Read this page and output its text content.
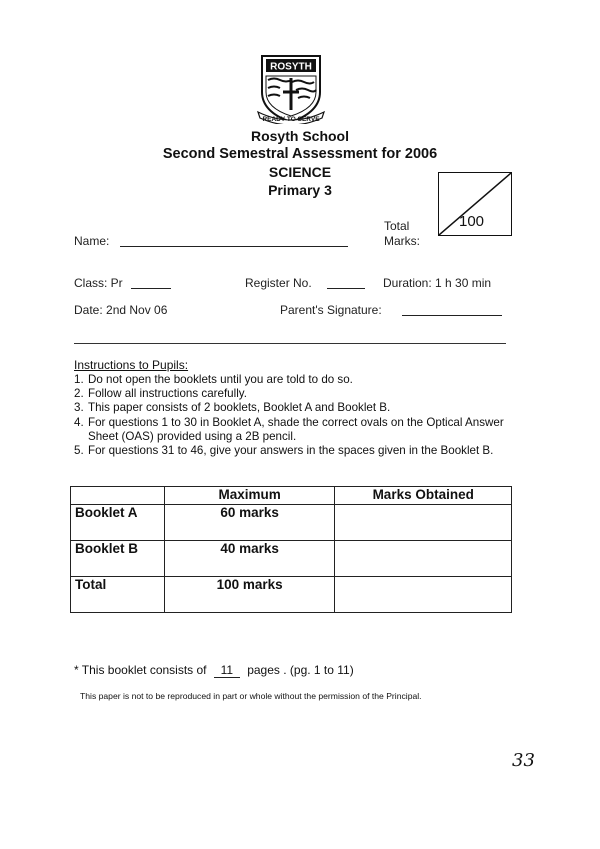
ROSYTH
READY TO SERVE
Rosyth School
Second Semestral Assessment for 2006
SCIENCE
Primary 3
100
Total
Marks:
Name:
Class: Pr	Register No.	Duration: 1 h 30 min
Date: 2nd Nov 06	Parent's Signature:
Instructions to Pupils:
1. Do not open the booklets until you are told to do so.
2. Follow all instructions carefully.
3. This paper consists of 2 booklets, Booklet A and Booklet B.
4. For questions 1 to 30 in Booklet A, shade the correct ovals on the Optical Answer Sheet (OAS) provided using a 2B pencil.
5. For questions 31 to 46, give your answers in the spaces given in the Booklet B.
	Maximum	Marks Obtained
Booklet A	60 marks	
Booklet B	40 marks	
Total	100 marks	
* This booklet consists of 11 pages . (pg. 1 to 11)
This paper is not to be reproduced in part or whole without the permission of the Principal.
33
